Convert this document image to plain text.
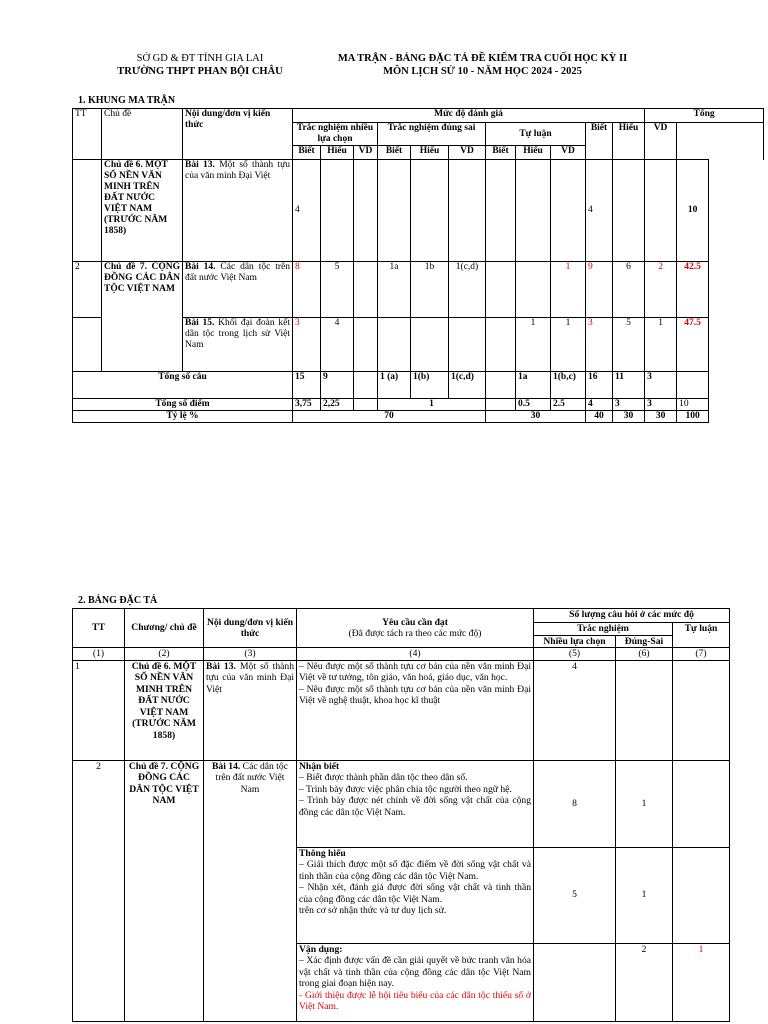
SỞ GD & ĐT TỈNH GIA LAI
TRƯỜNG THPT PHAN BỘI CHÂU
MA TRẬN - BẢNG ĐẶC TẢ ĐỀ KIỂM TRA CUỐI HỌC KỲ II
MÔN LỊCH SỬ 10 - NĂM HỌC 2024 - 2025
1. KHUNG MA TRẬN
TT	Chủ đề	Nội dung/đơn vị kiến thức	Mức độ đánh giá											Tổng	
			Trắc nghiệm nhiều lựa chọn			Trắc nghiệm đúng sai			Tự luận			Biết	Hiểu	VD		
			Biết	Hiểu	VD	Biết	Hiểu	VD	Biết	Hiểu	VD					
	Chủ đề 6. MỘT SỐ NỀN VĂN MINH TRÊN ĐẤT NƯỚC VIỆT NAM (TRƯỚC NĂM 1858)	Bài 13. Một số thành tựu của văn minh Đại Việt	4									4			10	
2	Chủ đề 7. CỘNG ĐỒNG CÁC DÂN TỘC VIỆT NAM	Bài 14. Các dân tộc trên đất nước Việt Nam	8	5		1a	1b	1(c,d)			1	9	6	2	42.5	
		Bài 15. Khối đại đoàn kết dân tộc trong lịch sử Việt Nam	3	4						1	1	3	5	1	47.5	
Tổng số câu			15	9		1 (a)	1(b)	1(c,d)		1a	1(b,c)	16	11	3		
Tổng số điểm			3,75	2,25		1				0.5	2.5	4	3	3	10	
Tỷ lệ %			70						30			40	30	30	100	
2. BẢNG ĐẶC TẢ
TT	Chương/ chủ đề	Nội dung/đơn vị kiến thức	Yêu cầu cần đạt
(Đã được tách ra theo các mức độ)	Số lượng câu hỏi ở các mức độ		
				Trắc nghiệm		Tự luận
				Nhiều lựa chọn	Đúng-Sai	
(1)	(2)	(3)	(4)	(5)	(6)	(7)
1	Chủ đề 6. MỘT SỐ NỀN VĂN MINH TRÊN ĐẤT NƯỚC VIỆT NAM (TRƯỚC NĂM 1858)	Bài 13. Một số thành tựu của văn minh Đại Việt	– Nêu được một số thành tựu cơ bản của nền văn minh Đại Việt về tư tưởng, tôn giáo, văn hoá, giáo dục, văn học.
– Nêu được một số thành tựu cơ bản của nền văn minh Đại Việt về nghệ thuật, khoa học kĩ thuật	4		
2	Chủ đề 7. CỘNG ĐỒNG CÁC DÂN TỘC VIỆT NAM	Bài 14. Các dân tộc trên đất nước Việt Nam	Nhận biết
– Biết được thành phần dân tộc theo dân số.
– Trình bày được việc phân chia tộc người theo ngữ hệ.
– Trình bày được nét chính về đời sống vật chất của cộng đồng các dân tộc Việt Nam.	8	1	

			Thông hiểu
– Giải thích được một số đặc điểm về đời sống vật chất và tinh thần của cộng đồng các dân tộc Việt Nam.
– Nhận xét, đánh giá được đời sống vật chất và tinh thần của cộng đồng các dân tộc Việt Nam.
trên cơ sở nhận thức và tư duy lịch sử.	5	1	

			Vận dụng:
– Xác định được vấn đề cần giải quyết về bức tranh văn hóa vật chất và tinh thần của cộng đồng các dân tộc Việt Nam trong giai đoạn hiện nay.
- Giới thiệu được lễ hội tiêu biểu của các dân tộc thiểu số ở Việt Nam.		2	1
